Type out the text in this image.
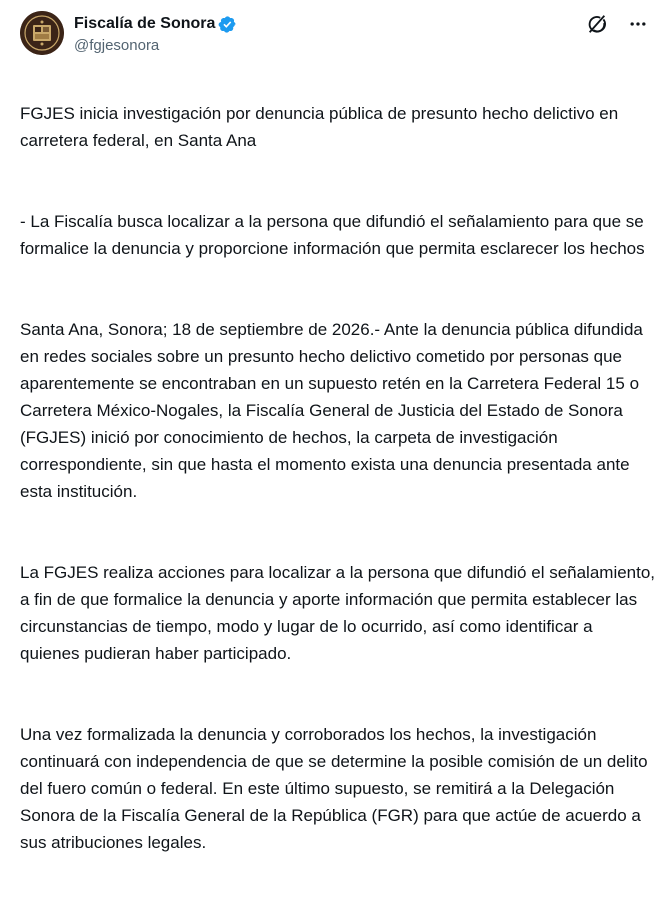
Fiscalía de Sonora
@fgjesonora

FGJES inicia investigación por denuncia pública de presunto hecho delictivo en carretera federal, en Santa Ana

- La Fiscalía busca localizar a la persona que difundió el señalamiento para que se formalice la denuncia y proporcione información que permita esclarecer los hechos

Santa Ana, Sonora; 18 de septiembre de 2026.- Ante la denuncia pública difundida en redes sociales sobre un presunto hecho delictivo cometido por personas que aparentemente se encontraban en un supuesto retén en la Carretera Federal 15 o Carretera México-Nogales, la Fiscalía General de Justicia del Estado de Sonora (FGJES) inició por conocimiento de hechos, la carpeta de investigación correspondiente, sin que hasta el momento exista una denuncia presentada ante esta institución.

La FGJES realiza acciones para localizar a la persona que difundió el señalamiento, a fin de que formalice la denuncia y aporte información que permita establecer las circunstancias de tiempo, modo y lugar de lo ocurrido, así como identificar a quienes pudieran haber participado.

Una vez formalizada la denuncia y corroborados los hechos, la investigación continuará con independencia de que se determine la posible comisión de un delito del fuero común o federal. En este último supuesto, se remitirá a la Delegación Sonora de la Fiscalía General de la República (FGR) para que actúe de acuerdo a sus atribuciones legales.
